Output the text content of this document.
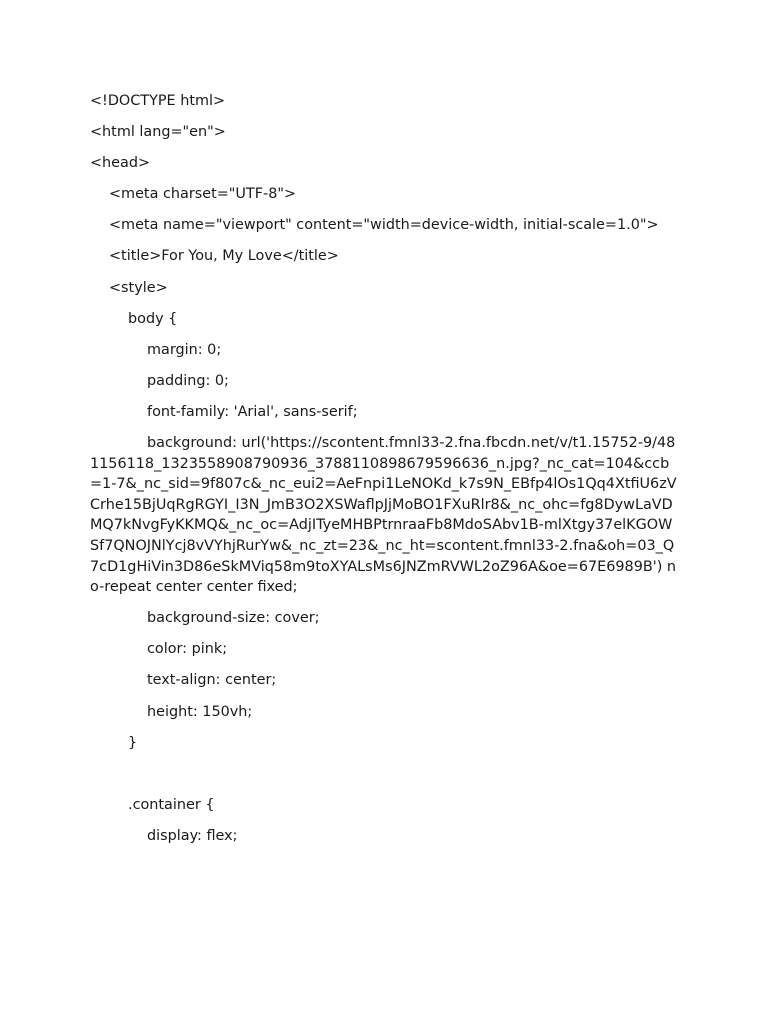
<!DOCTYPE html>
<html lang="en">
<head>
<meta charset="UTF-8">
<meta name="viewport" content="width=device-width, initial-scale=1.0">
<title>For You, My Love</title>
<style>
body {
margin: 0;
padding: 0;
font-family: 'Arial', sans-serif;
background: url('https://scontent.fmnl33-2.fna.fbcdn.net/v/t1.15752-9/481156118_1323558908790936_3788110898679596636_n.jpg?_nc_cat=104&ccb=1-7&_nc_sid=9f807c&_nc_eui2=AeFnpi1LeNOKd_k7s9N_EBfp4lOs1Qq4XtfiU6zVCrhe15BjUqRgRGYI_I3N_JmB3O2XSWaflpJjMoBO1FXuRlr8&_nc_ohc=fg8DywLaVDMQ7kNvgFyKKMQ&_nc_oc=AdjITyeMHBPtrnraaFb8MdoSAbv1B-mlXtgy37elKGOWSf7QNOJNlYcj8vVYhjRurYw&_nc_zt=23&_nc_ht=scontent.fmnl33-2.fna&oh=03_Q7cD1gHiVin3D86eSkMViq58m9toXYALsMs6JNZmRVWL2oZ96A&oe=67E6989B') no-repeat center center fixed;
background-size: cover;
color: pink;
text-align: center;
height: 150vh;
}
.container {
display: flex;
